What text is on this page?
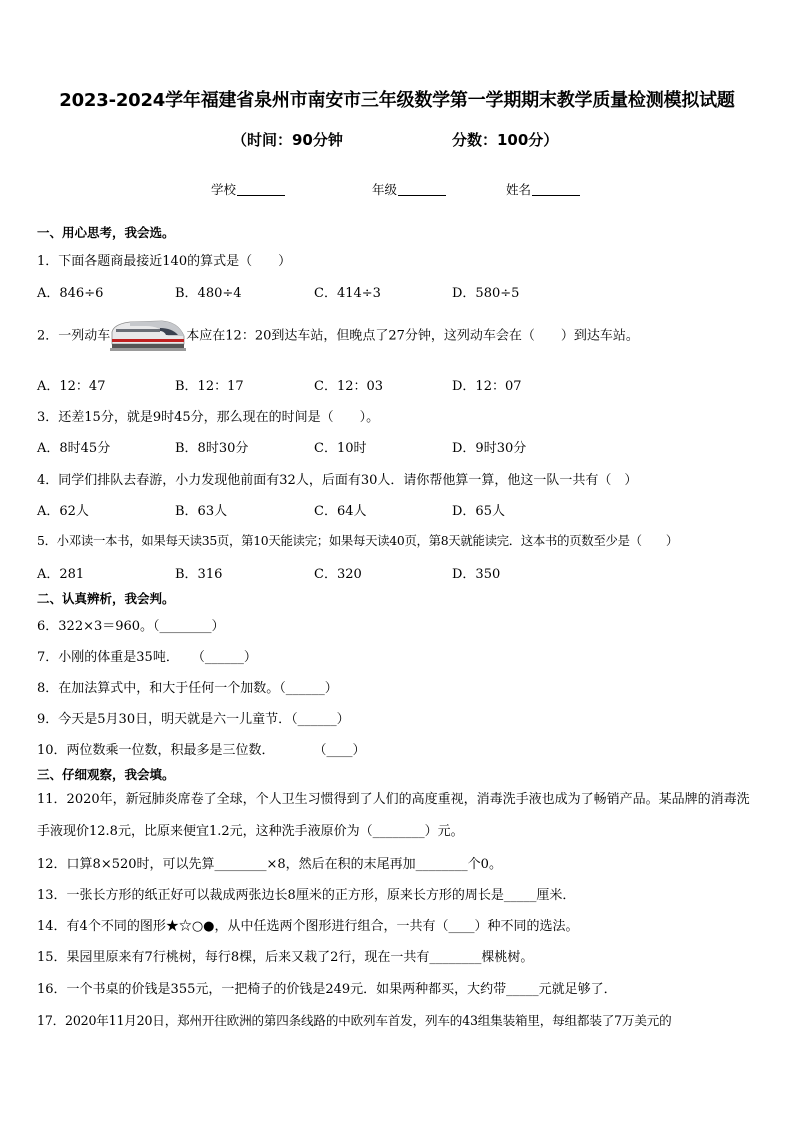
2023-2024学年福建省泉州市南安市三年级数学第一学期期末教学质量检测模拟试题
（时间：90分钟	分数：100分）
学校	年级	姓名
一、用心思考，我会选。
1．下面各题商最接近140的算式是（　　）
A．846÷6	B．480÷4	C．414÷3	D．580÷5
2．一列动车	本应在12：20到达车站，但晚点了27分钟，这列动车会在（　　）到达车站。
A．12：47	B．12：17	C．12：03	D．12：07
3．还差15分，就是9时45分，那么现在的时间是（　　）。
A．8时45分	B．8时30分	C．10时	D．9时30分
4．同学们排队去春游，小力发现他前面有32人，后面有30人．请你帮他算一算，他这一队一共有（　）
A．62人	B．63人	C．64人	D．65人
5．小邓读一本书，如果每天读35页，第10天能读完；如果每天读40页，第8天就能读完．这本书的页数至少是（　　）
A．281	B．316	C．320	D．350
二、认真辨析，我会判。
6．322×3＝960。（________）
7．小刚的体重是35吨．　　（______）
8．在加法算式中，和大于任何一个加数。（______）
9．今天是5月30日，明天就是六一儿童节．（______）
10．两位数乘一位数，积最多是三位数．　　　　（____）
三、仔细观察，我会填。
11．2020年，新冠肺炎席卷了全球，个人卫生习惯得到了人们的高度重视，消毒洗手液也成为了畅销产品。某品牌的消毒洗手液现价12.8元，比原来便宜1.2元，这种洗手液原价为（________）元。
12．口算8×520时，可以先算________×8，然后在积的末尾再加________个0。
13．一张长方形的纸正好可以裁成两张边长8厘米的正方形，原来长方形的周长是_____厘米．
14．有4个不同的图形★☆○●，从中任选两个图形进行组合，一共有（____）种不同的选法。
15．果园里原来有7行桃树，每行8棵，后来又栽了2行，现在一共有________棵桃树。
16．一个书桌的价钱是355元，一把椅子的价钱是249元．如果两种都买，大约带_____元就足够了．
17．2020年11月20日，郑州开往欧洲的第四条线路的中欧列车首发，列车的43组集装箱里，每组都装了7万美元的
